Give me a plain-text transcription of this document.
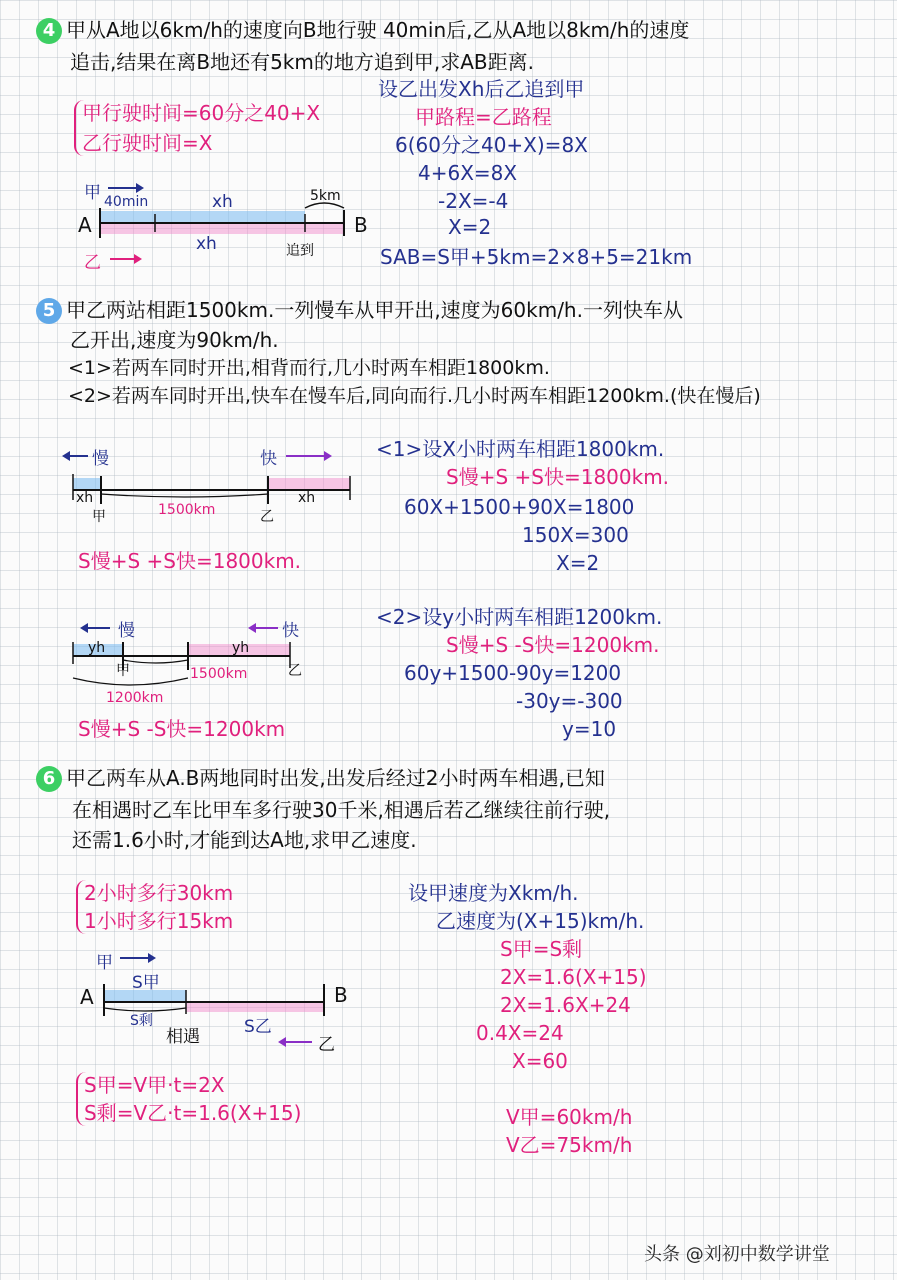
4 甲从A地以6km/h的速度向B地行驶 40min后,乙从A地以8km/h的速度
追击,结果在离B地还有5km的地方追到甲,求AB距离.
甲行驶时间=60分之40+X
乙行驶时间=X
设乙出发Xh后乙追到甲
甲路程=乙路程
6(60分之40+X)=8X
4+6X=8X
-2X=-4
X=2
SAB=S甲+5km=2×8+5=21km
甲
A	B
40min	xh
xh
5km
乙
追到
5 甲乙两站相距1500km.一列慢车从甲开出,速度为60km/h.一列快车从
乙开出,速度为90km/h.
<1>若两车同时开出,相背而行,几小时两车相距1800km.
<2>若两车同时开出,快车在慢车后,同向而行.几小时两车相距1200km.(快在慢后)
慢	快
xh	xh
甲	乙
1500km
S慢+S +S快=1800km.
<1>设X小时两车相距1800km.
S慢+S +S快=1800km.
60X+1500+90X=1800
150X=300
X=2
慢	快
yh	yh
甲	乙
1500km
1200km
S慢+S -S快=1200km
<2>设y小时两车相距1200km.
S慢+S -S快=1200km.
60y+1500-90y=1200
-30y=-300
y=10
6 甲乙两车从A.B两地同时出发,出发后经过2小时两车相遇,已知
在相遇时乙车比甲车多行驶30千米,相遇后若乙继续往前行驶,
还需1.6小时,才能到达A地,求甲乙速度.
2小时多行30km
1小时多行15km
甲
A	B
S甲
S剩	S乙
相遇	乙
S甲=V甲·t=2X
S剩=V乙·t=1.6(X+15)
设甲速度为Xkm/h.
乙速度为(X+15)km/h.
S甲=S剩
2X=1.6(X+15)
2X=1.6X+24
0.4X=24
X=60
V甲=60km/h
V乙=75km/h
头条 @刘初中数学讲堂
